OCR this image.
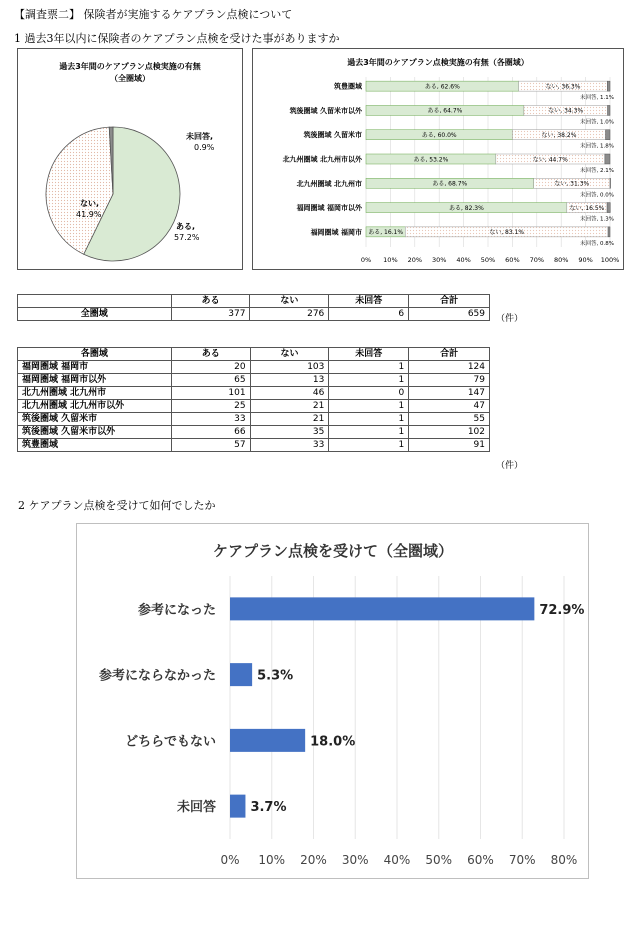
【調査票二】 保険者が実施するケアプラン点検について
1 過去3年以内に保険者のケアプラン点検を受けた事がありますか
過去3年間のケアプラン点検実施の有無
（全圏域）
未回答,
0.9%
ない,
41.9%
ある,
57.2%
過去3年間のケアプラン点検実施の有無（各圏域）
筑豊圏域	ある, 62.6%	ない, 36.3%
未回答, 1.1%
筑後圏域 久留米市以外	ある, 64.7%	ない, 34.3%
未回答, 1.0%
筑後圏域 久留米市	ある, 60.0%	ない, 38.2%
未回答, 1.8%
北九州圏域 北九州市以外	ある, 53.2%	ない, 44.7%
未回答, 2.1%
北九州圏域 北九州市	ある, 68.7%	ない, 31.3%
未回答, 0.0%
福岡圏域 福岡市以外	ある, 82.3%	ない, 16.5%
未回答, 1.3%
福岡圏域 福岡市 ある, 16.1%	ない, 83.1%
未回答, 0.8%
0% 10% 20% 30% 40% 50% 60% 70% 80% 90% 100%
	ある	ない	未回答	合計
全圏域	377	276	6	659 （件）
各圏域	ある	ない	未回答	合計
福岡圏域 福岡市	20	103	1	124
福岡圏域 福岡市以外	65	13	1	79
北九州圏域 北九州市	101	46	0	147
北九州圏域 北九州市以外	25	21	1	47
筑後圏域 久留米市	33	21	1	55
筑後圏域 久留米市以外	66	35	1	102
筑豊圏域	57	33	1	91
（件）
2 ケアプラン点検を受けて如何でしたか
ケアプラン点検を受けて（全圏域）
参考になった	72.9%
参考にならなかった	5.3%
どちらでもない	18.0%
未回答	3.7%
0% 10% 20% 30% 40% 50% 60% 70% 80%
